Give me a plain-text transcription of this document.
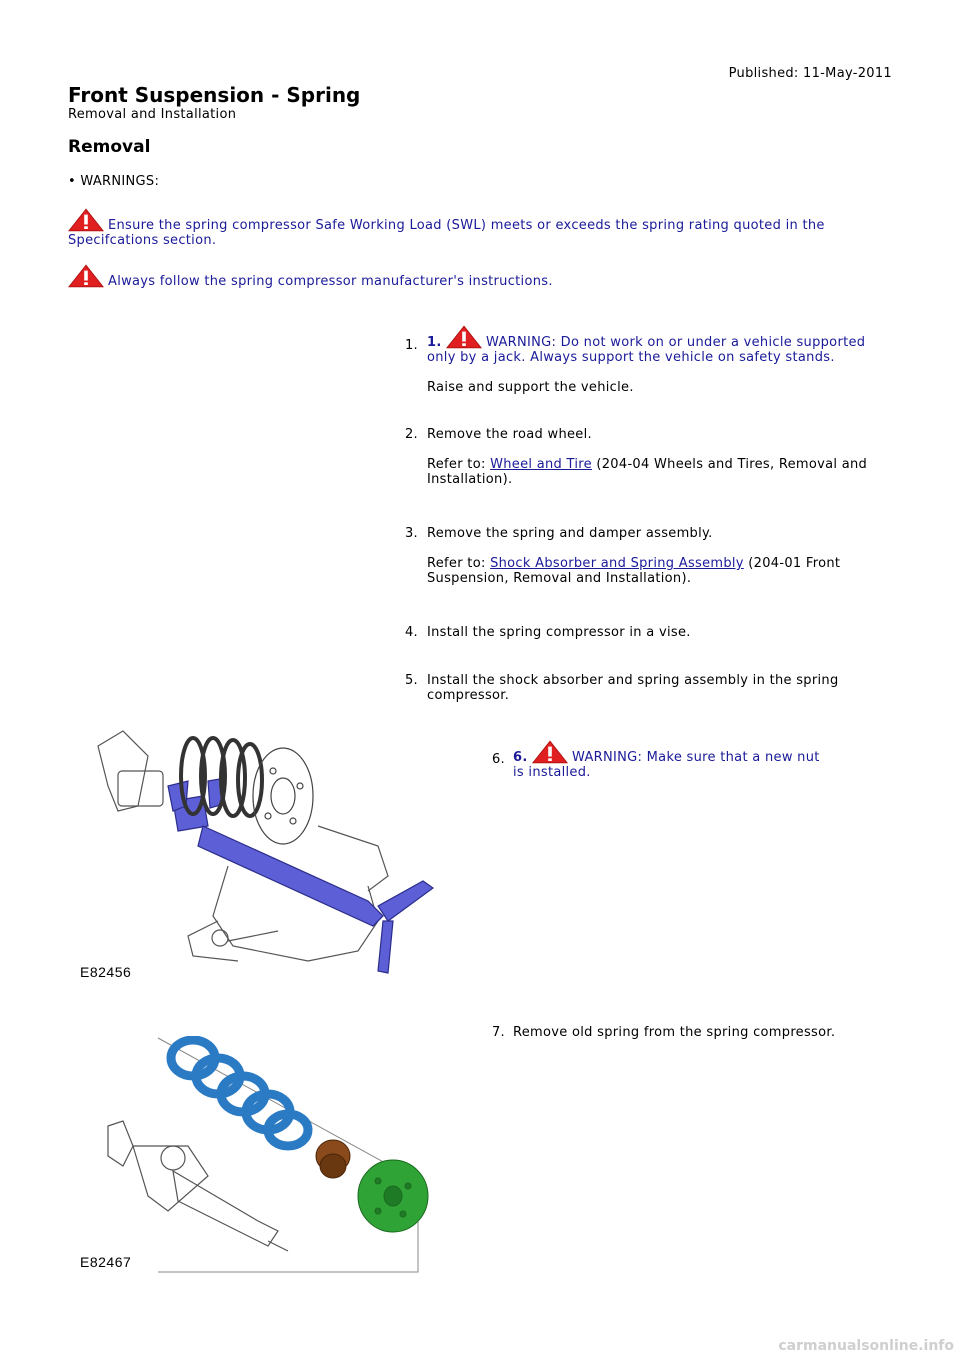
Published: 11-May-2011
Front Suspension - Spring
Removal and Installation
Removal
• WARNINGS:
Ensure the spring compressor Safe Working Load (SWL) meets or exceeds the spring rating quoted in the Specifcations section.
Always follow the spring compressor manufacturer's instructions.
1. 1.	WARNING: Do not work on or under a vehicle supported only by a jack. Always support the vehicle on safety stands.

Raise and support the vehicle.

2. Remove the road wheel.

Refer to: Wheel and Tire (204-04 Wheels and Tires, Removal and Installation).

3. Remove the spring and damper assembly.

Refer to: Shock Absorber and Spring Assembly (204-01 Front Suspension, Removal and Installation).

4. Install the spring compressor in a vise.

5. Install the shock absorber and spring assembly in the spring compressor.

E82456
6. 6.	WARNING: Make sure that a new nut is installed.

7. Remove old spring from the spring compressor.

E82467
carmanualsonline.info
